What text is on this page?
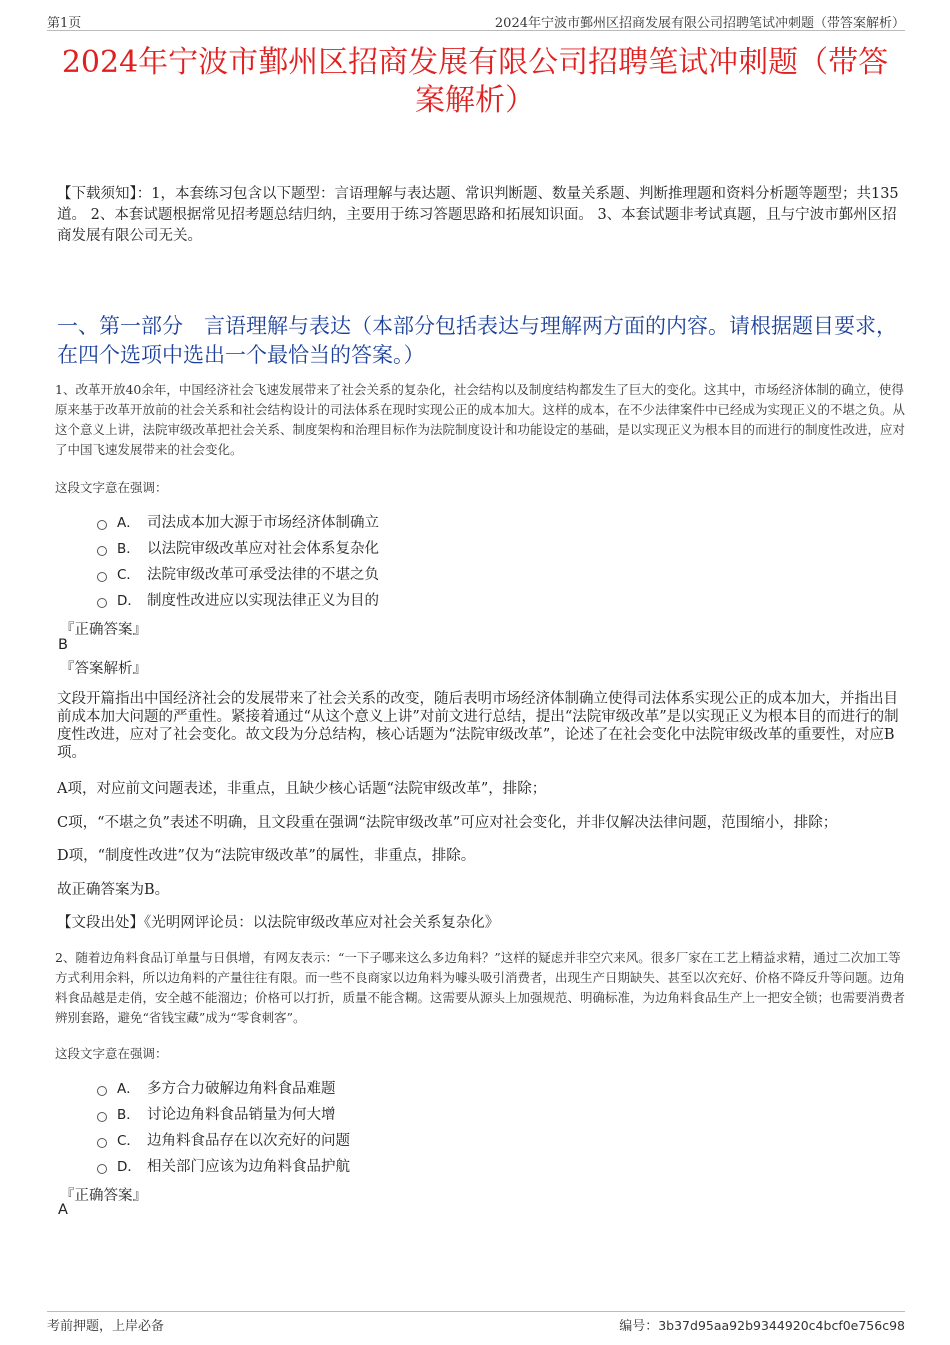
第1页	2024年宁波市鄞州区招商发展有限公司招聘笔试冲刺题（带答案解析）
2024年宁波市鄞州区招商发展有限公司招聘笔试冲刺题（带答案解析）
【下载须知】：1，本套练习包含以下题型：言语理解与表达题、常识判断题、数量关系题、判断推理题和资料分析题等题型；共135道。 2、本套试题根据常见招考题总结归纳，主要用于练习答题思路和拓展知识面。 3、本套试题非考试真题，且与宁波市鄞州区招商发展有限公司无关。
一、第一部分　言语理解与表达（本部分包括表达与理解两方面的内容。请根据题目要求，在四个选项中选出一个最恰当的答案。）
1、改革开放40余年，中国经济社会飞速发展带来了社会关系的复杂化，社会结构以及制度结构都发生了巨大的变化。这其中，市场经济体制的确立，使得原来基于改革开放前的社会关系和社会结构设计的司法体系在现时实现公正的成本加大。这样的成本，在不少法律案件中已经成为实现正义的不堪之负。从这个意义上讲，法院审级改革把社会关系、制度架构和治理目标作为法院制度设计和功能设定的基础，是以实现正义为根本目的而进行的制度性改进，应对了中国飞速发展带来的社会变化。
这段文字意在强调：
A． 司法成本加大源于市场经济体制确立
B． 以法院审级改革应对社会体系复杂化
C． 法院审级改革可承受法律的不堪之负
D． 制度性改进应以实现法律正义为目的
『正确答案』
B
『答案解析』
文段开篇指出中国经济社会的发展带来了社会关系的改变，随后表明市场经济体制确立使得司法体系实现公正的成本加大，并指出目前成本加大问题的严重性。紧接着通过“从这个意义上讲”对前文进行总结，提出“法院审级改革”是以实现正义为根本目的而进行的制度性改进，应对了社会变化。故文段为分总结构，核心话题为“法院审级改革”，论述了在社会变化中法院审级改革的重要性，对应B项。
A项，对应前文问题表述，非重点，且缺少核心话题“法院审级改革”，排除；
C项，“不堪之负”表述不明确，且文段重在强调“法院审级改革”可应对社会变化，并非仅解决法律问题，范围缩小，排除；
D项，“制度性改进”仅为“法院审级改革”的属性，非重点，排除。
故正确答案为B。
【文段出处】《光明网评论员：以法院审级改革应对社会关系复杂化》
2、随着边角料食品订单量与日俱增，有网友表示：“一下子哪来这么多边角料？”这样的疑虑并非空穴来风。很多厂家在工艺上精益求精，通过二次加工等方式利用余料，所以边角料的产量往往有限。而一些不良商家以边角料为噱头吸引消费者，出现生产日期缺失、甚至以次充好、价格不降反升等问题。边角料食品越是走俏，安全越不能溜边；价格可以打折，质量不能含糊。这需要从源头上加强规范、明确标准，为边角料食品生产上一把安全锁；也需要消费者辨别套路，避免“省钱宝藏”成为“零食刺客”。
这段文字意在强调：
A． 多方合力破解边角料食品难题
B． 讨论边角料食品销量为何大增
C． 边角料食品存在以次充好的问题
D． 相关部门应该为边角料食品护航
『正确答案』
A
考前押题，上岸必备	编号：3b37d95aa92b9344920c4bcf0e756c98
